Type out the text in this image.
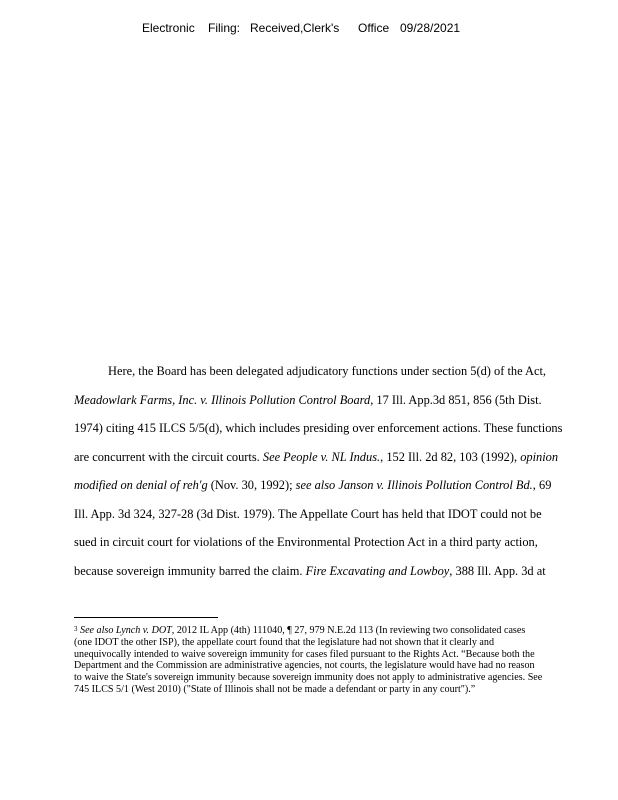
Electronic

Filing:

Received,

Clerk's

Office

09/28/2021

Here, the Board has been delegated adjudicatory functions under section 5(d) of the Act,
Meadowlark Farms, Inc. v. Illinois Pollution Control Board, 17 Ill. App.3d 851, 856 (5th Dist.
1974) citing 415 ILCS 5/5(d), which includes presiding over enforcement actions. These functions
are concurrent with the circuit courts. See People v. NL Indus., 152 Ill. 2d 82, 103 (1992), opinion
modified on denial of reh'g (Nov. 30, 1992); see also Janson v. Illinois Pollution Control Bd., 69
Ill. App. 3d 324, 327-28 (3d Dist. 1979). The Appellate Court has held that IDOT could not be
sued in circuit court for violations of the Environmental Protection Act in a third party action,
because sovereign immunity barred the claim. Fire Excavating and Lowboy, 388 Ill. App. 3d at
$^3$ See also Lynch v. DOT, 2012 IL App (4th) 111040, ¶ 27, 979 N.E.2d 113 (In reviewing two consolidated cases (one IDOT the other ISP), the appellate court found that the legislature had not shown that it clearly and unequivocally intended to waive sovereign immunity for cases filed pursuant to the Rights Act. “Because both the Department and the Commission are administrative agencies, not courts, the legislature would have had no reason to waive the State's sovereign immunity because sovereign immunity does not apply to administrative agencies. See 745 ILCS 5/1 (West 2010) ("State of Illinois shall not be made a defendant or party in any court").”
